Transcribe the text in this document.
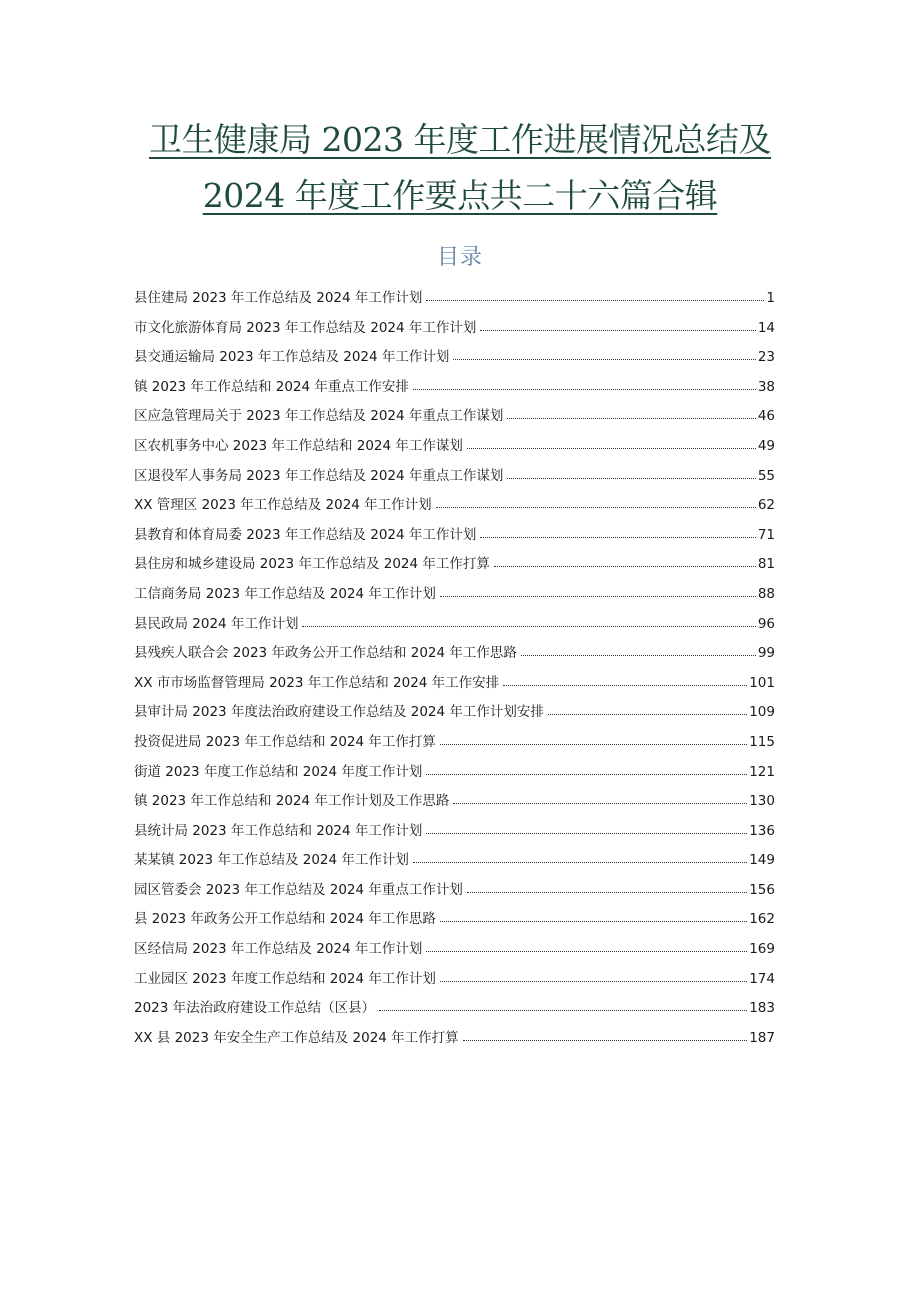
卫生健康局 2023 年度工作进展情况总结及
2024 年度工作要点共二十六篇合辑
目录
县住建局 2023 年工作总结及 2024 年工作计划	1
市文化旅游体育局 2023 年工作总结及 2024 年工作计划	14
县交通运输局 2023 年工作总结及 2024 年工作计划	23
镇 2023 年工作总结和 2024 年重点工作安排	38
区应急管理局关于 2023 年工作总结及 2024 年重点工作谋划	46
区农机事务中心 2023 年工作总结和 2024 年工作谋划	49
区退役军人事务局 2023 年工作总结及 2024 年重点工作谋划	55
XX 管理区 2023 年工作总结及 2024 年工作计划	62
县教育和体育局委 2023 年工作总结及 2024 年工作计划	71
县住房和城乡建设局 2023 年工作总结及 2024 年工作打算	81
工信商务局 2023 年工作总结及 2024 年工作计划	88
县民政局 2024 年工作计划	96
县残疾人联合会 2023 年政务公开工作总结和 2024 年工作思路	99
XX 市市场监督管理局 2023 年工作总结和 2024 年工作安排	101
县审计局 2023 年度法治政府建设工作总结及 2024 年工作计划安排	109
投资促进局 2023 年工作总结和 2024 年工作打算	115
街道 2023 年度工作总结和 2024 年度工作计划	121
镇 2023 年工作总结和 2024 年工作计划及工作思路	130
县统计局 2023 年工作总结和 2024 年工作计划	136
某某镇 2023 年工作总结及 2024 年工作计划	149
园区管委会 2023 年工作总结及 2024 年重点工作计划	156
县 2023 年政务公开工作总结和 2024 年工作思路	162
区经信局 2023 年工作总结及 2024 年工作计划	169
工业园区 2023 年度工作总结和 2024 年工作计划	174
2023 年法治政府建设工作总结（区县）	183
XX 县 2023 年安全生产工作总结及 2024 年工作打算	187
